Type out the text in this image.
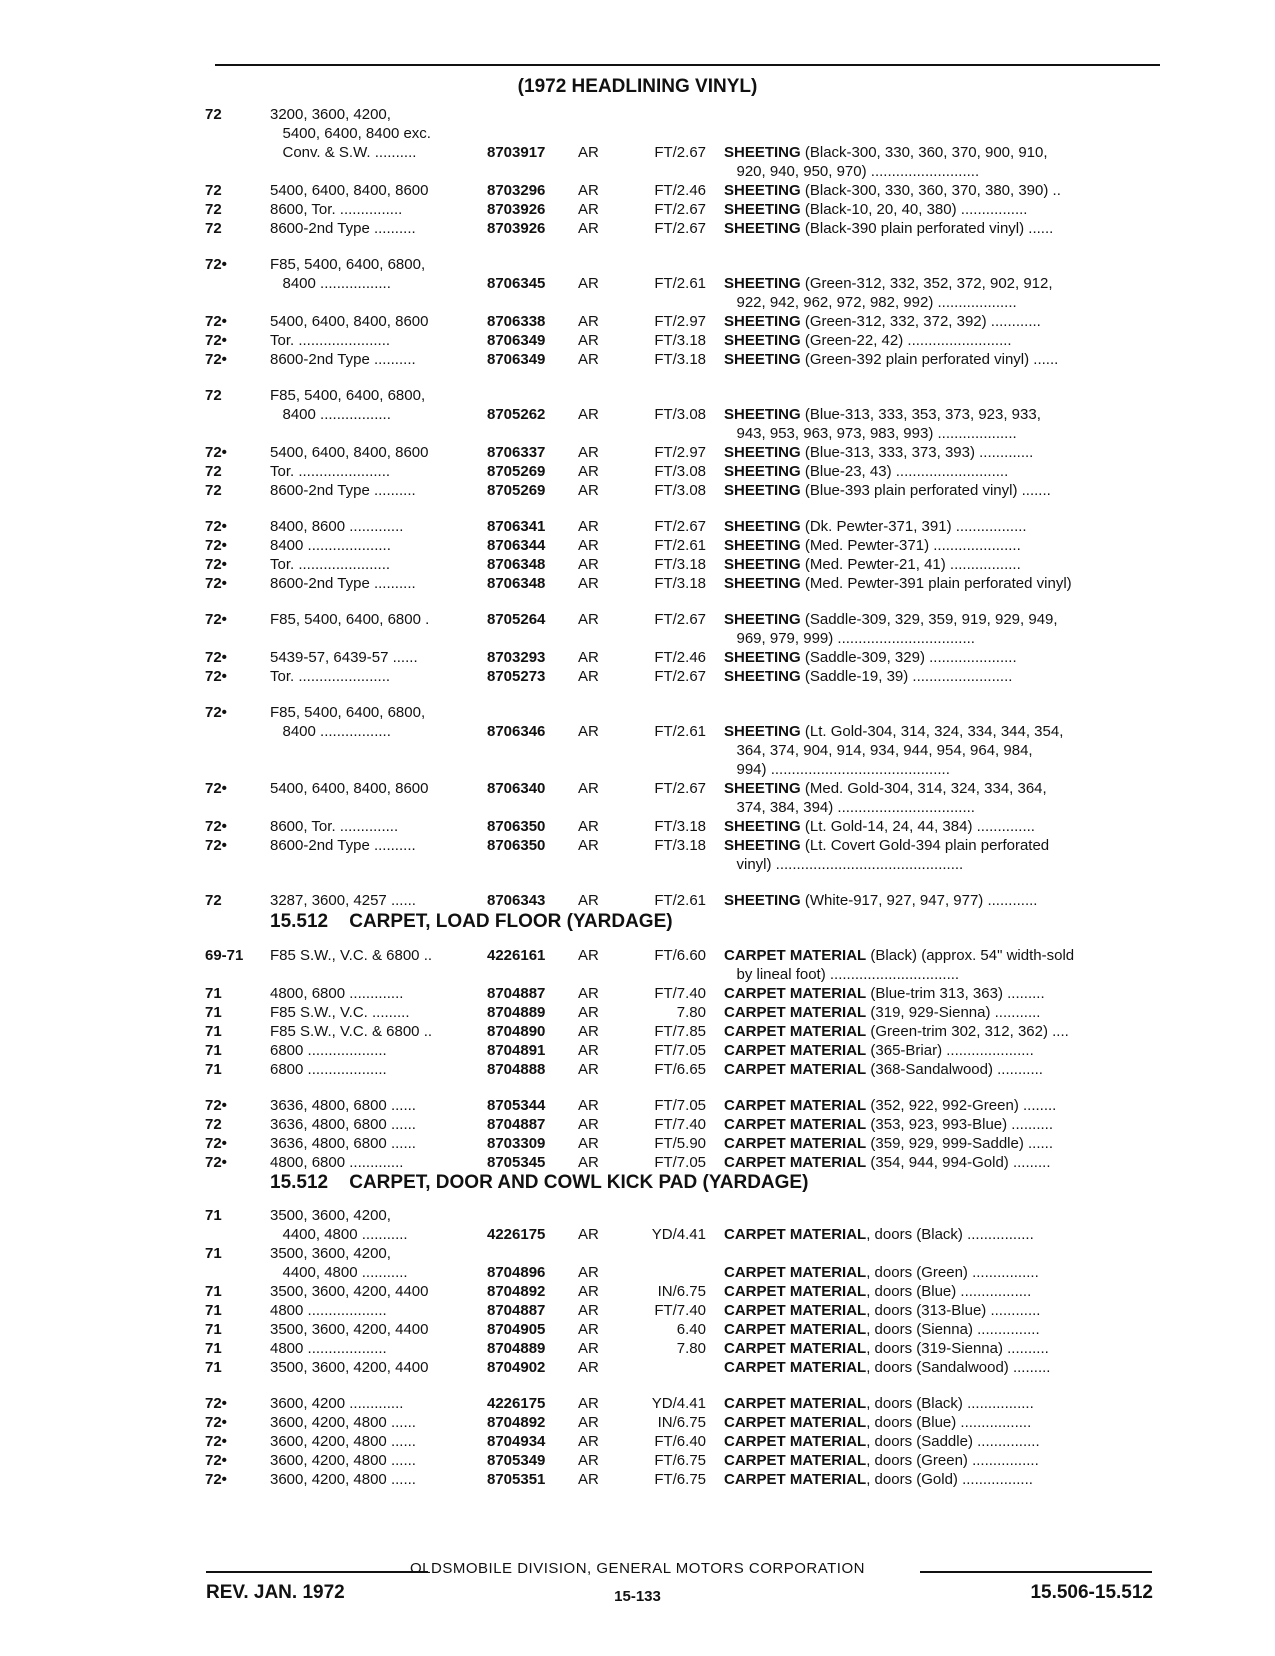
(1972 HEADLINING VINYL)
72	3200, 3600, 4200,
5400, 6400, 8400 exc.
Conv. & S.W. ..........	8703917	AR	FT/2.67 SHEETING (Black-300, 330, 360, 370, 900, 910,
920, 940, 950, 970) ..........................
72	5400, 6400, 8400, 8600	8703296	AR	FT/2.46 SHEETING (Black-300, 330, 360, 370, 380, 390) ..
72	8600, Tor. ...............	8703926	AR	FT/2.67 SHEETING (Black-10, 20, 40, 380) ................
72	8600-2nd Type ..........	8703926	AR	FT/2.67 SHEETING (Black-390 plain perforated vinyl) ......
72•	F85, 5400, 6400, 6800,
8400 .................	8706345	AR	FT/2.61 SHEETING (Green-312, 332, 352, 372, 902, 912,
922, 942, 962, 972, 982, 992) ...................
72•	5400, 6400, 8400, 8600	8706338	AR	FT/2.97 SHEETING (Green-312, 332, 372, 392) ............
72•	Tor. ......................	8706349	AR	FT/3.18 SHEETING (Green-22, 42) .........................
72•	8600-2nd Type ..........	8706349	AR	FT/3.18 SHEETING (Green-392 plain perforated vinyl) ......
72	F85, 5400, 6400, 6800,
8400 .................	8705262	AR	FT/3.08 SHEETING (Blue-313, 333, 353, 373, 923, 933,
943, 953, 963, 973, 983, 993) ...................
72•	5400, 6400, 8400, 8600	8706337	AR	FT/2.97 SHEETING (Blue-313, 333, 373, 393) .............
72	Tor. ......................	8705269	AR	FT/3.08 SHEETING (Blue-23, 43) ...........................
72	8600-2nd Type ..........	8705269	AR	FT/3.08 SHEETING (Blue-393 plain perforated vinyl) .......
72•	8400, 8600 .............	8706341	AR	FT/2.67 SHEETING (Dk. Pewter-371, 391) .................
72•	8400 ....................	8706344	AR	FT/2.61 SHEETING (Med. Pewter-371) .....................
72•	Tor. ......................	8706348	AR	FT/3.18 SHEETING (Med. Pewter-21, 41) .................
72•	8600-2nd Type ..........	8706348	AR	FT/3.18 SHEETING (Med. Pewter-391 plain perforated vinyl)
72•	F85, 5400, 6400, 6800 .	8705264	AR	FT/2.67 SHEETING (Saddle-309, 329, 359, 919, 929, 949,
969, 979, 999) .................................
72•	5439-57, 6439-57 ......	8703293	AR	FT/2.46 SHEETING (Saddle-309, 329) .....................
72•	Tor. ......................	8705273	AR	FT/2.67 SHEETING (Saddle-19, 39) ........................
72•	F85, 5400, 6400, 6800,
8400 .................	8706346	AR	FT/2.61 SHEETING (Lt. Gold-304, 314, 324, 334, 344, 354,
364, 374, 904, 914, 934, 944, 954, 964, 984,
994) ...........................................
72•	5400, 6400, 8400, 8600	8706340	AR	FT/2.67 SHEETING (Med. Gold-304, 314, 324, 334, 364,
374, 384, 394) .................................
72•	8600, Tor. ..............	8706350	AR	FT/3.18 SHEETING (Lt. Gold-14, 24, 44, 384) ..............
72•	8600-2nd Type ..........	8706350	AR	FT/3.18 SHEETING (Lt. Covert Gold-394 plain perforated
vinyl) .............................................
72	3287, 3600, 4257 ......	8706343	AR	FT/2.61 SHEETING (White-917, 927, 947, 977) ............
15.512    CARPET, LOAD FLOOR (YARDAGE)
69-71	F85 S.W., V.C. & 6800 ..	4226161	AR	FT/6.60 CARPET MATERIAL (Black) (approx. 54" width-sold
by lineal foot) ...............................
71	4800, 6800 .............	8704887	AR	FT/7.40 CARPET MATERIAL (Blue-trim 313, 363) .........
71	F85 S.W., V.C. .........	8704889	AR	7.80 CARPET MATERIAL (319, 929-Sienna) ...........
71	F85 S.W., V.C. & 6800 ..	8704890	AR	FT/7.85 CARPET MATERIAL (Green-trim 302, 312, 362) ....
71	6800 ...................	8704891	AR	FT/7.05 CARPET MATERIAL (365-Briar) .....................
71	6800 ...................	8704888	AR	FT/6.65 CARPET MATERIAL (368-Sandalwood) ...........
72•	3636, 4800, 6800 ......	8705344	AR	FT/7.05 CARPET MATERIAL (352, 922, 992-Green) ........
72	3636, 4800, 6800 ......	8704887	AR	FT/7.40 CARPET MATERIAL (353, 923, 993-Blue) ..........
72•	3636, 4800, 6800 ......	8703309	AR	FT/5.90 CARPET MATERIAL (359, 929, 999-Saddle) ......
72•	4800, 6800 .............	8705345	AR	FT/7.05 CARPET MATERIAL (354, 944, 994-Gold) .........
15.512    CARPET, DOOR AND COWL KICK PAD (YARDAGE)
71	3500, 3600, 4200,
4400, 4800 ...........	4226175	AR	YD/4.41 CARPET MATERIAL, doors (Black) ................
71	3500, 3600, 4200,
4400, 4800 ...........	8704896	AR	CARPET MATERIAL, doors (Green) ................
71	3500, 3600, 4200, 4400	8704892	AR	IN/6.75 CARPET MATERIAL, doors (Blue) .................
71	4800 ...................	8704887	AR	FT/7.40 CARPET MATERIAL, doors (313-Blue) ............
71	3500, 3600, 4200, 4400	8704905	AR	6.40 CARPET MATERIAL, doors (Sienna) ...............
71	4800 ...................	8704889	AR	7.80 CARPET MATERIAL, doors (319-Sienna) ..........
71	3500, 3600, 4200, 4400	8704902	AR	CARPET MATERIAL, doors (Sandalwood) .........
72•	3600, 4200 .............	4226175	AR	YD/4.41 CARPET MATERIAL, doors (Black) ................
72•	3600, 4200, 4800 ......	8704892	AR	IN/6.75 CARPET MATERIAL, doors (Blue) .................
72•	3600, 4200, 4800 ......	8704934	AR	FT/6.40 CARPET MATERIAL, doors (Saddle) ...............
72•	3600, 4200, 4800 ......	8705349	AR	FT/6.75 CARPET MATERIAL, doors (Green) ................
72•	3600, 4200, 4800 ......	8705351	AR	FT/6.75 CARPET MATERIAL, doors (Gold) .................
OLDSMOBILE DIVISION, GENERAL MOTORS CORPORATION
REV. JAN. 1972	15-133	15.506-15.512
